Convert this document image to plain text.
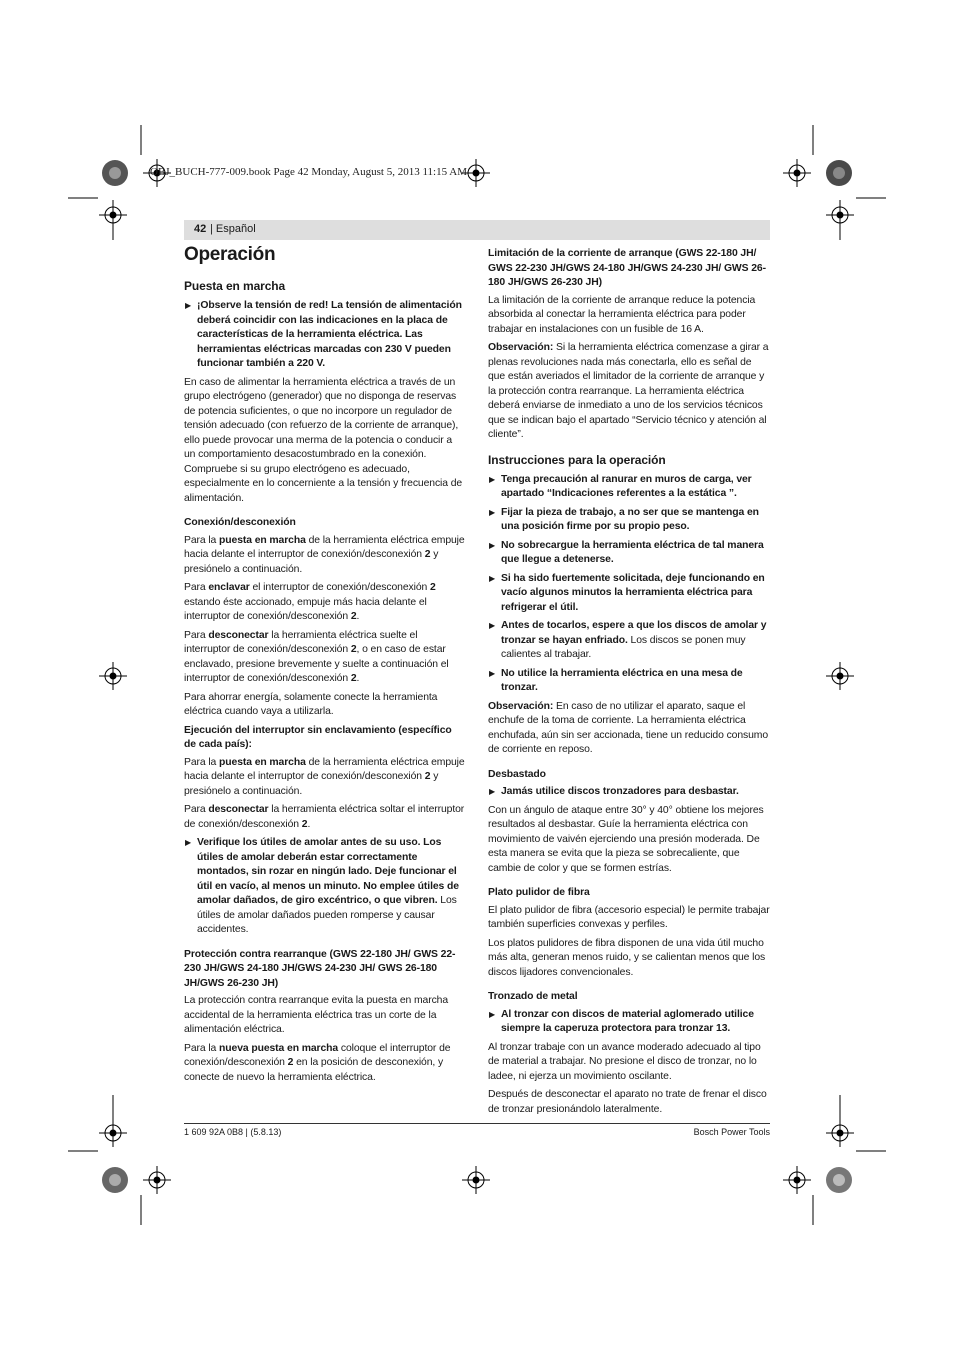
OBJ_BUCH-777-009.book Page 42 Monday, August 5, 2013 11:15 AM
42 | Español
Operación
Puesta en marcha
▶ ¡Observe la tensión de red! La tensión de alimentación deberá coincidir con las indicaciones en la placa de características de la herramienta eléctrica. Las herramientas eléctricas marcadas con 230 V pueden funcionar también a 220 V.

En caso de alimentar la herramienta eléctrica a través de un grupo electrógeno (generador) que no disponga de reservas de potencia suficientes, o que no incorpore un regulador de tensión adecuado (con refuerzo de la corriente de arranque), ello puede provocar una merma de la potencia o conducir a un comportamiento desacostumbrado en la conexión.

Compruebe si su grupo electrógeno es adecuado, especialmente en lo concerniente a la tensión y frecuencia de alimentación.

Conexión/desconexión

Para la puesta en marcha de la herramienta eléctrica empuje hacia delante el interruptor de conexión/desconexión 2 y presiónelo a continuación.

Para enclavar el interruptor de conexión/desconexión 2 estando éste accionado, empuje más hacia delante el interruptor de conexión/desconexión 2.

Para desconectar la herramienta eléctrica suelte el interruptor de conexión/desconexión 2, o en caso de estar enclavado, presione brevemente y suelte a continuación el interruptor de conexión/desconexión 2.

Para ahorrar energía, solamente conecte la herramienta eléctrica cuando vaya a utilizarla.

Ejecución del interruptor sin enclavamiento (específico de cada país):

Para la puesta en marcha de la herramienta eléctrica empuje hacia delante el interruptor de conexión/desconexión 2 y presiónelo a continuación.

Para desconectar la herramienta eléctrica soltar el interruptor de conexión/desconexión 2.

▶ Verifique los útiles de amolar antes de su uso. Los útiles de amolar deberán estar correctamente montados, sin rozar en ningún lado. Deje funcionar el útil en vacío, al menos un minuto. No emplee útiles de amolar dañados, de giro excéntrico, o que vibren. Los útiles de amolar dañados pueden romperse y causar accidentes.
Protección contra rearranque (GWS 22-180 JH/ GWS 22-230 JH/GWS 24-180 JH/GWS 24-230 JH/ GWS 26-180 JH/GWS 26-230 JH)

La protección contra rearranque evita la puesta en marcha accidental de la herramienta eléctrica tras un corte de la alimentación eléctrica.

Para la nueva puesta en marcha coloque el interruptor de conexión/desconexión 2 en la posición de desconexión, y conecte de nuevo la herramienta eléctrica.

Limitación de la corriente de arranque (GWS 22-180 JH/ GWS 22-230 JH/GWS 24-180 JH/GWS 24-230 JH/ GWS 26-180 JH/GWS 26-230 JH)

La limitación de la corriente de arranque reduce la potencia absorbida al conectar la herramienta eléctrica para poder trabajar en instalaciones con un fusible de 16 A.

Observación: Si la herramienta eléctrica comenzase a girar a plenas revoluciones nada más conectarla, ello es señal de que están averiados el limitador de la corriente de arranque y la protección contra rearranque. La herramienta eléctrica deberá enviarse de inmediato a uno de los servicios técnicos que se indican bajo el apartado “Servicio técnico y atención al cliente”.

Instrucciones para la operación
▶ Tenga precaución al ranurar en muros de carga, ver apartado “Indicaciones referentes a la estática ”.
▶ Fijar la pieza de trabajo, a no ser que se mantenga en una posición firme por su propio peso.
▶ No sobrecargue la herramienta eléctrica de tal manera que llegue a detenerse.
▶ Si ha sido fuertemente solicitada, deje funcionando en vacío algunos minutos la herramienta eléctrica para refrigerar el útil.
▶ Antes de tocarlos, espere a que los discos de amolar y tronzar se hayan enfriado. Los discos se ponen muy calientes al trabajar.
▶ No utilice la herramienta eléctrica en una mesa de tronzar.

Observación: En caso de no utilizar el aparato, saque el enchufe de la toma de corriente. La herramienta eléctrica enchufada, aún sin ser accionada, tiene un reducido consumo de corriente en reposo.

Desbastado
▶ Jamás utilice discos tronzadores para desbastar.

Con un ángulo de ataque entre 30° y 40° obtiene los mejores resultados al desbastar. Guíe la herramienta eléctrica con movimiento de vaivén ejerciendo una presión moderada. De esta manera se evita que la pieza se sobrecaliente, que cambie de color y que se formen estrías.

Plato pulidor de fibra

El plato pulidor de fibra (accesorio especial) le permite trabajar también superficies convexas y perfiles.

Los platos pulidores de fibra disponen de una vida útil mucho más alta, generan menos ruido, y se calientan menos que los discos lijadores convencionales.

Tronzado de metal
▶ Al tronzar con discos de material aglomerado utilice siempre la caperuza protectora para tronzar 13.

Al tronzar trabaje con un avance moderado adecuado al tipo de material a trabajar. No presione el disco de tronzar, no lo ladee, ni ejerza un movimiento oscilante.

Después de desconectar el aparato no trate de frenar el disco de tronzar presionándolo lateralmente.

1 609 92A 0B8 | (5.8.13)	Bosch Power Tools
